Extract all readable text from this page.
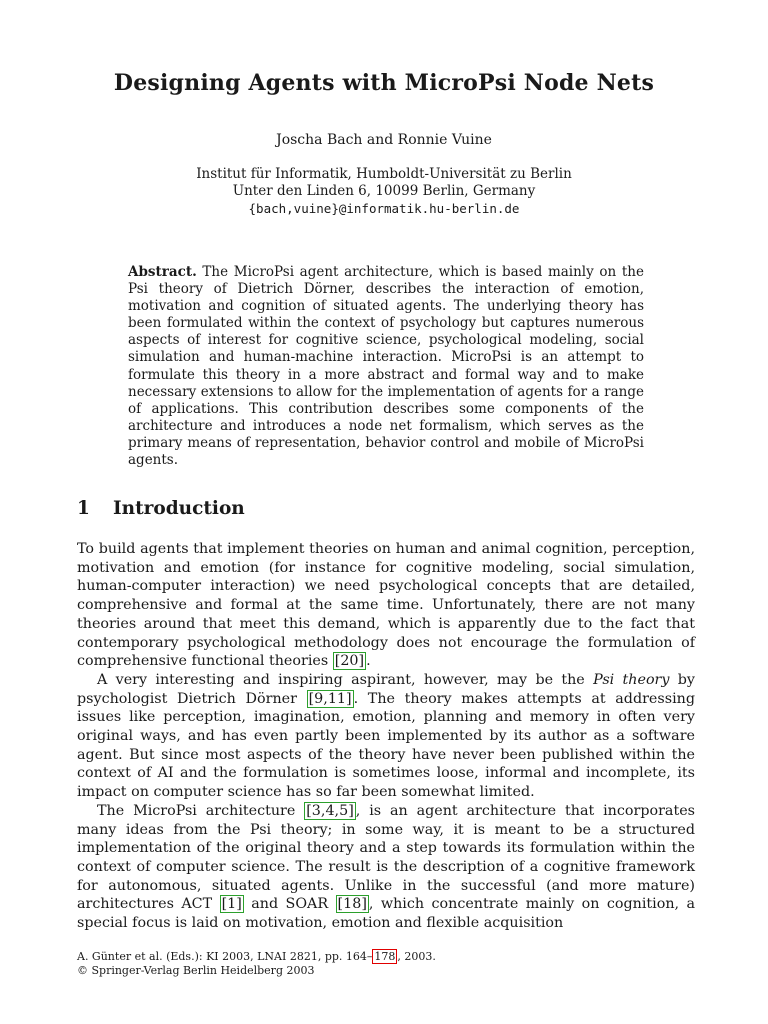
Designing Agents with MicroPsi Node Nets
Joscha Bach and Ronnie Vuine
Institut für Informatik, Humboldt-Universität zu Berlin
Unter den Linden 6, 10099 Berlin, Germany
{bach,vuine}@informatik.hu-berlin.de
Abstract. The MicroPsi agent architecture, which is based mainly on the Psi theory of Dietrich Dörner, describes the interaction of emotion, motivation and cognition of situated agents. The underlying theory has been formulated within the context of psychology but captures numerous aspects of interest for cognitive science, psychological modeling, social simulation and human-machine interaction. MicroPsi is an attempt to formulate this theory in a more abstract and formal way and to make necessary extensions to allow for the implementation of agents for a range of applications. This contribution describes some components of the architecture and introduces a node net formalism, which serves as the primary means of representation, behavior control and mobile of MicroPsi agents.
1 Introduction

To build agents that implement theories on human and animal cognition, perception, motivation and emotion (for instance for cognitive modeling, social simulation, human-computer interaction) we need psychological concepts that are detailed, comprehensive and formal at the same time. Unfortunately, there are not many theories around that meet this demand, which is apparently due to the fact that contemporary psychological methodology does not encourage the formulation of comprehensive functional theories [20] .

A very interesting and inspiring aspirant, however, may be the Psi theory by psychologist Dietrich Dörner [9,11] . The theory makes attempts at addressing issues like perception, imagination, emotion, planning and memory in often very original ways, and has even partly been implemented by its author as a software agent. But since most aspects of the theory have never been published within the context of AI and the formulation is sometimes loose, informal and incomplete, its impact on computer science has so far been somewhat limited.

The MicroPsi architecture [3,4,5] , is an agent architecture that incorporates many ideas from the Psi theory; in some way, it is meant to be a structured implementation of the original theory and a step towards its formulation within the context of computer science. The result is the description of a cognitive framework for autonomous, situated agents. Unlike in the successful (and more mature) architectures ACT [1] and SOAR [18] , which concentrate mainly on cognition, a special focus is laid on motivation, emotion and flexible acquisition

A. Günter et al. (Eds.): KI 2003, LNAI 2821, pp. 164– 178 , 2003.
© Springer-Verlag Berlin Heidelberg 2003
